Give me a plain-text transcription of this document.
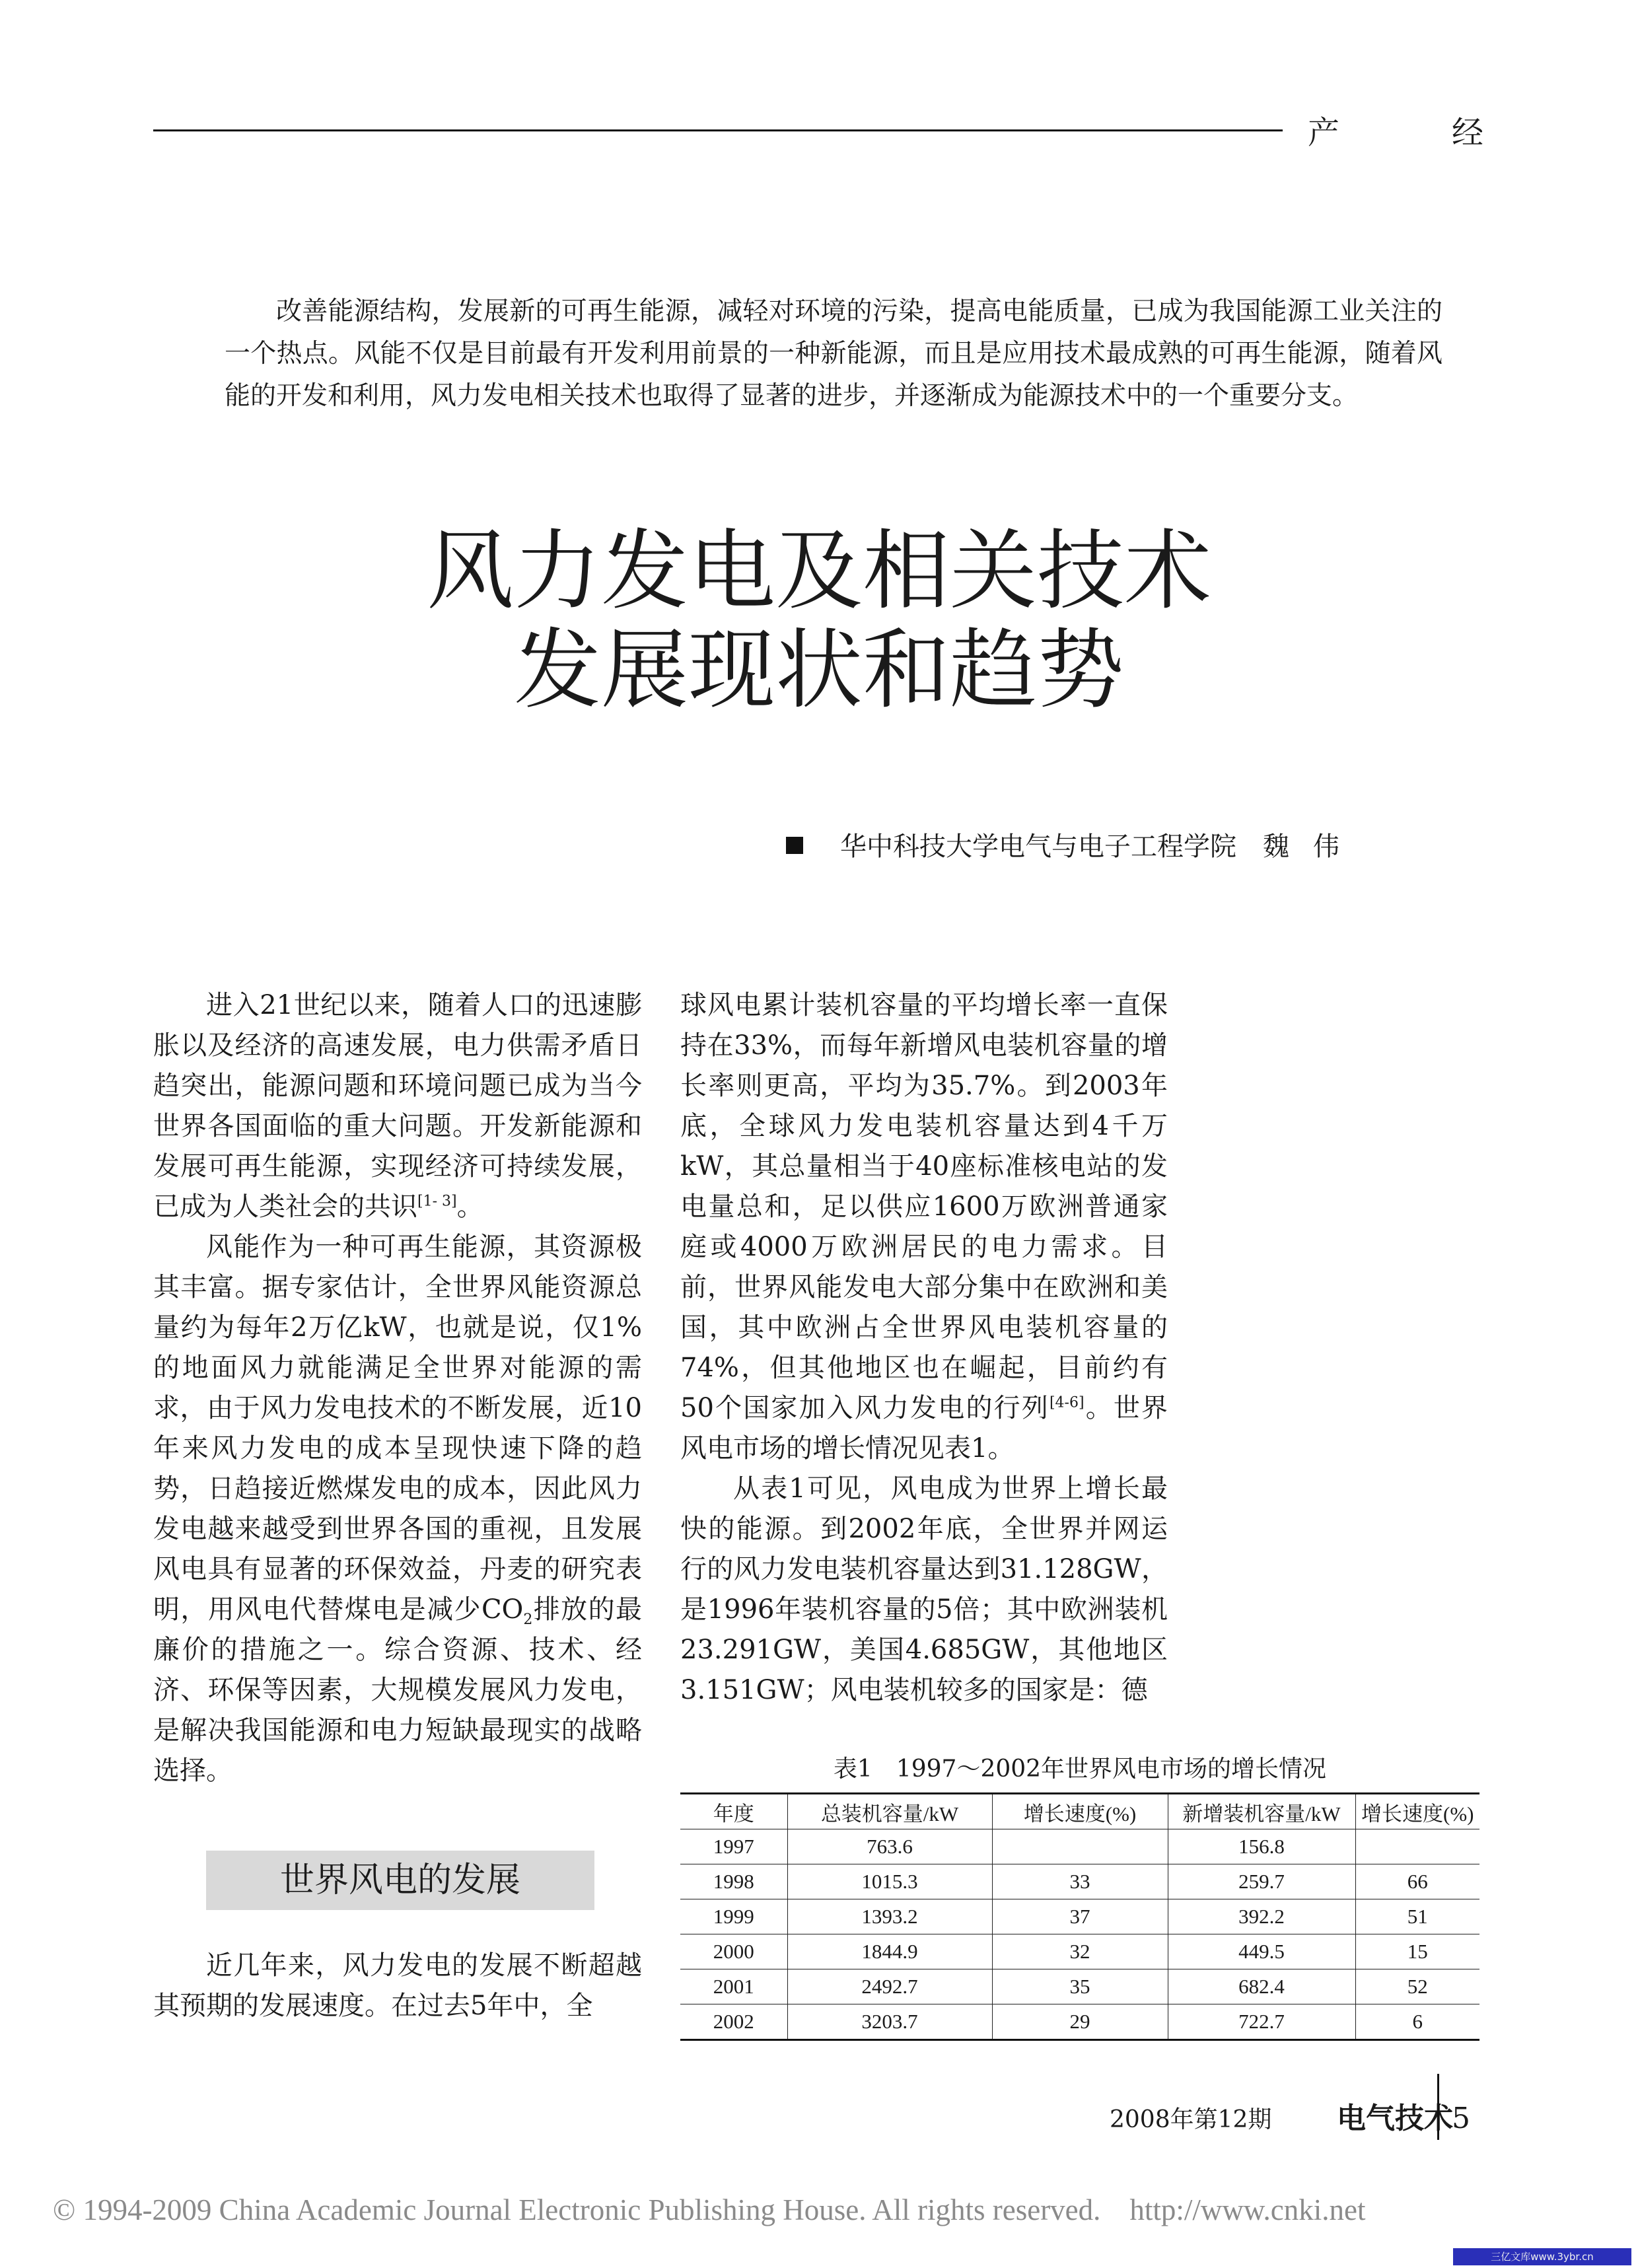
产经
改善能源结构，发展新的可再生能源，减轻对环境的污染，提高电能质量，已成为我国能源工业关注的一个热点。风能不仅是目前最有开发利用前景的一种新能源，而且是应用技术最成熟的可再生能源，随着风能的开发和利用，风力发电相关技术也取得了显著的进步，并逐渐成为能源技术中的一个重要分支。
风力发电及相关技术
发展现状和趋势
华中科技大学电气与电子工程学院 魏伟

进入21世纪以来，随着人口的迅速膨胀以及经济的高速发展，电力供需矛盾日趋突出，能源问题和环境问题已成为当今世界各国面临的重大问题。开发新能源和发展可再生能源，实现经济可持续发展，已成为人类社会的共识[1- 3]。

风能作为一种可再生能源，其资源极其丰富。据专家估计，全世界风能资源总量约为每年2万亿kW，也就是说，仅1%的地面风力就能满足全世界对能源的需求，由于风力发电技术的不断发展，近10年来风力发电的成本呈现快速下降的趋势，日趋接近燃煤发电的成本，因此风力发电越来越受到世界各国的重视，且发展风电具有显著的环保效益，丹麦的研究表明，用风电代替煤电是减少$CO_2$排放的最廉价的措施之一。综合资源、技术、经济、环保等因素，大规模发展风力发电，是解决我国能源和电力短缺最现实的战略选择。

世界风电的发展

近几年来，风力发电的发展不断超越其预期的发展速度。在过去5年中，全

球风电累计装机容量的平均增长率一直保持在33%，而每年新增风电装机容量的增长率则更高，平均为35.7%。到2003年底，全球风力发电装机容量达到4千万kW，其总量相当于40座标准核电站的发电量总和，足以供应1600万欧洲普通家庭或4000万欧洲居民的电力需求。目前，世界风能发电大部分集中在欧洲和美国，其中欧洲占全世界风电装机容量的74%，但其他地区也在崛起，目前约有50个国家加入风力发电的行列[4-6]。世界风电市场的增长情况见表1。

从表1可见，风电成为世界上增长最快的能源。到2002年底，全世界并网运行的风力发电装机容量达到31.128GW，是1996年装机容量的5倍；其中欧洲装机23.291GW，美国4.685GW，其他地区3.151GW；风电装机较多的国家是：德

表1　1997～2002年世界风电市场的增长情况
年度	总装机容量/kW	增长速度(%)	新增装机容量/kW	增长速度(%)
1997	763.6		156.8	
1998	1015.3	33	259.7	66
1999	1393.2	37	392.2	51
2000	1844.9	32	449.5	15
2001	2492.7	35	682.4	52
2002	3203.7	29	722.7	6
2008年第12期 电气技术
5
© 1994-2009 China Academic Journal Electronic Publishing House. All rights reserved. http://www.cnki.net
三亿文库www.3ybr.cn
